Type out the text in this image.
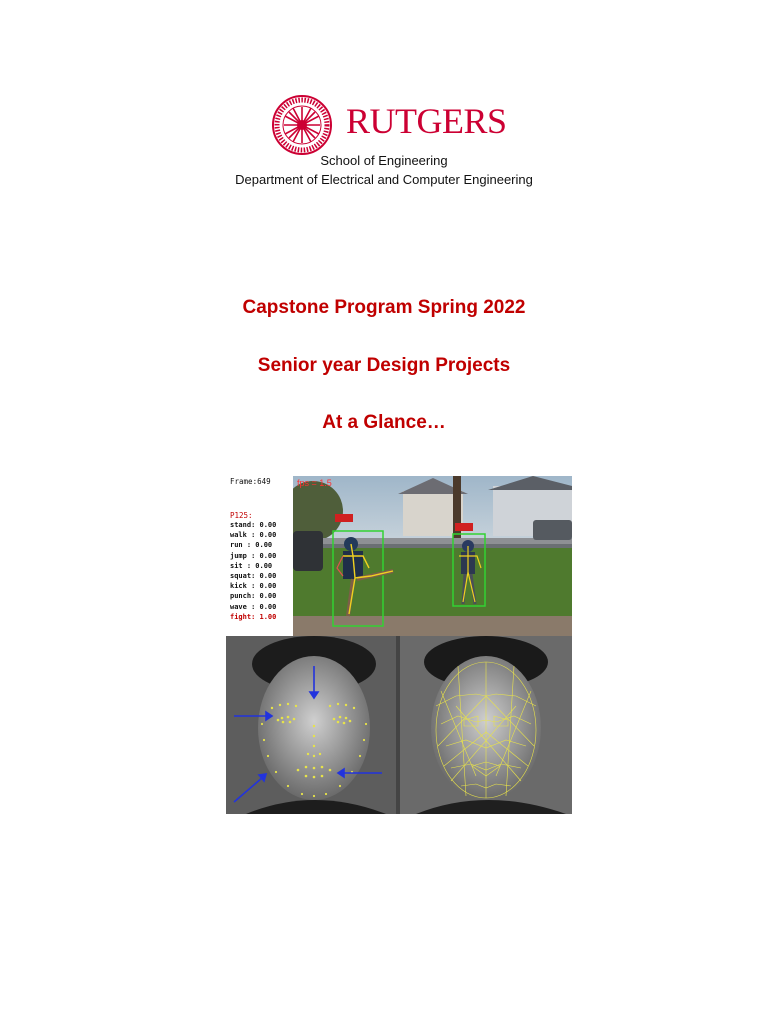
RUTGERS
School of Engineering
Department of Electrical and Computer Engineering
Capstone Program Spring 2022
Senior year Design Projects
At a Glance…
Frame:649
P125:
stand: 0.00
walk : 0.00
run : 0.00
jump : 0.00
sit : 0.00
squat: 0.00
kick : 0.00
punch: 0.00
wave : 0.00
fight: 1.00
fps = 1.5
